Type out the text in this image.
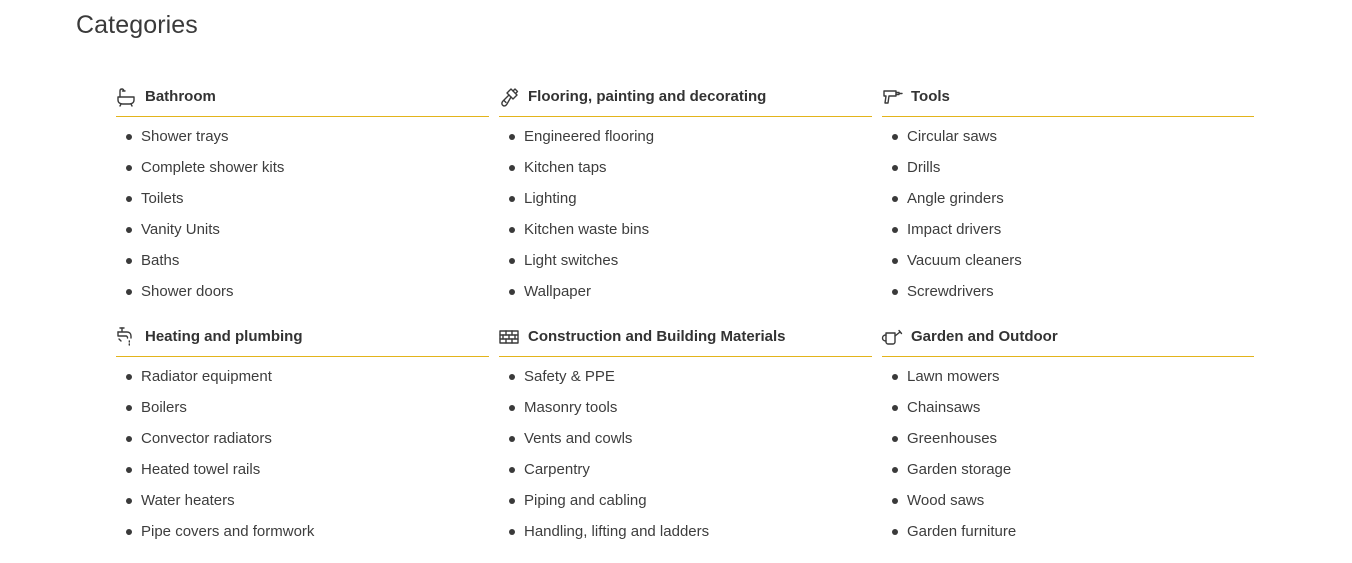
Categories
Bathroom
Shower trays
Complete shower kits
Toilets
Vanity Units
Baths
Shower doors
Flooring, painting and decorating
Engineered flooring
Kitchen taps
Lighting
Kitchen waste bins
Light switches
Wallpaper
Tools
Circular saws
Drills
Angle grinders
Impact drivers
Vacuum cleaners
Screwdrivers
Heating and plumbing
Radiator equipment
Boilers
Convector radiators
Heated towel rails
Water heaters
Pipe covers and formwork
Construction and Building Materials
Safety & PPE
Masonry tools
Vents and cowls
Carpentry
Piping and cabling
Handling, lifting and ladders
Garden and Outdoor
Lawn mowers
Chainsaws
Greenhouses
Garden storage
Wood saws
Garden furniture
